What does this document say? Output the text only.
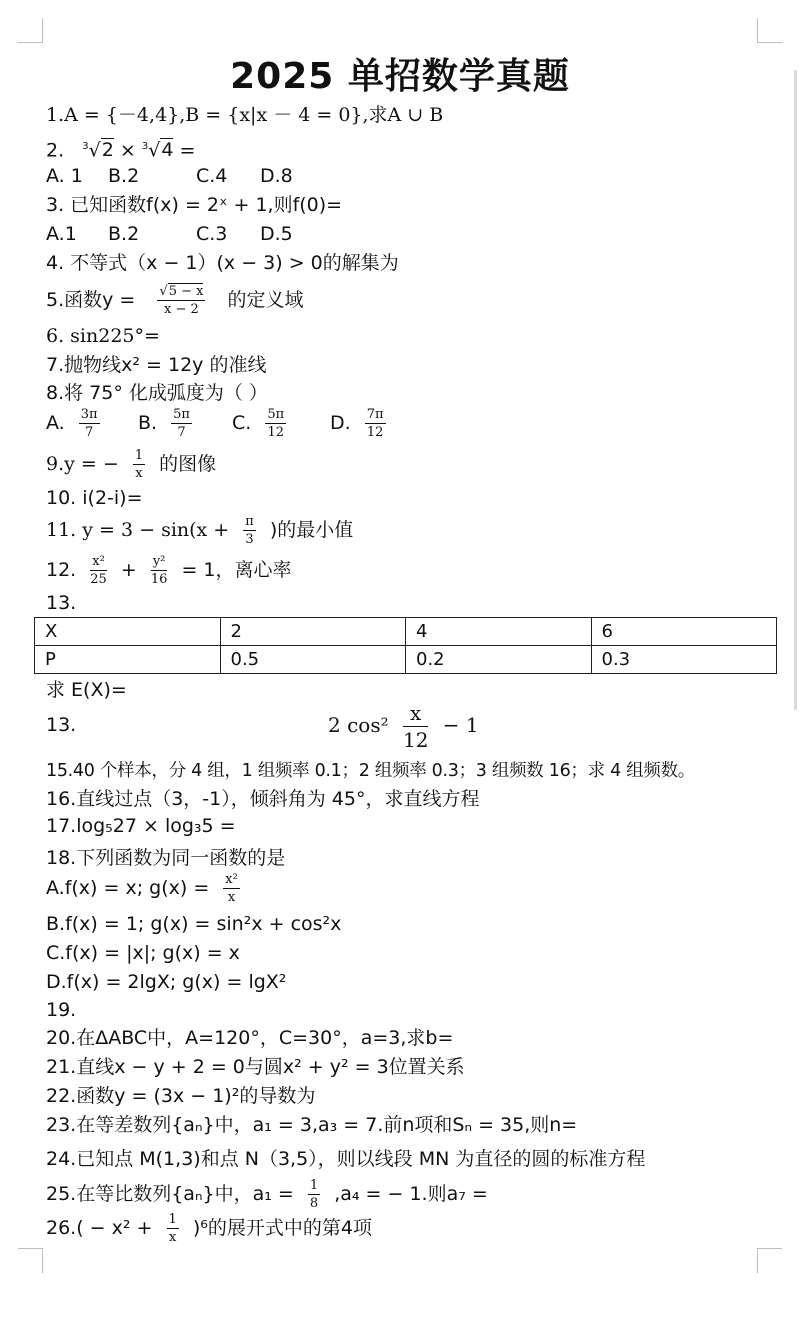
2025 单招数学真题
1.A = {－4,4},B = {x|x － 4 = 0},求A ∪ B
2. $^3$√2 × $^3$√4 =
A. 1 B.2	C.4 D.8
3. 已知函数f(x) = 2ˣ + 1,则f(0)=
A.1 B.2	C.3 D.5
4. 不等式（x − 1）(x − 3) > 0的解集为
5.函数$y = \frac{√5 - x}{x - 2}$ 的定义域
6. sin225°=
7.抛物线x² = 12y 的准线
8.将 75° 化成弧度为（ ）
A. $\frac{3\pi}{7} B$. $\frac{5\pi}{7} C$. $\frac{5\pi}{12} D$. $\frac{7\pi}{12}$
9.y = − $\frac{1}{x}$ 的图像
10. i(2-i)=
11. $y = 3 - \sin(x + \frac{\pi}{3}$ )的最小值
12. $\frac{\text{x²}}{25} + \frac{\text{y²}}{16} = 1$，离心率
13.
X	2	4	6
P	0.5	0.2	0.3
求 E(X)=
13.	2 $\cos^2 \frac{x}{12} - 1$
15.40 个样本，分 4 组，1 组频率 0.1；2 组频率 0.3；3 组频数 16；求 4 组频数。
16.直线过点（3，-1），倾斜角为 45°，求直线方程
17.log₅27 × log₃5 =
18.下列函数为同一函数的是
A.f(x) = x; $g(x) = \frac{\text{x²}}{x}$
B.f(x) = 1; g(x) = sin²x + cos²x
C.f(x) = |x|; g(x) = x
D.f(x) = 2lgX; g(x) = lgX²
19.
20.在ΔABC中，A=120°，C=30°，a=3,求b=
21.直线x − y + 2 = 0与圆x² + y² = 3位置关系
22.函数y = (3x − 1)²的导数为
23.在等差数列{aₙ}中，a₁ = 3,a₃ = 7.前n项和Sₙ = 35,则n=
24.已知点 M(1,3)和点 N（3,5），则以线段 MN 为直径的圆的标准方程
25.在等比数列{aₙ}中，$a_1 = \frac{1}{8} ,a_4$ = − 1.则a₇ =
$26.( - x^2 + \frac{1}{x} )^6$的展开式中的第4项
